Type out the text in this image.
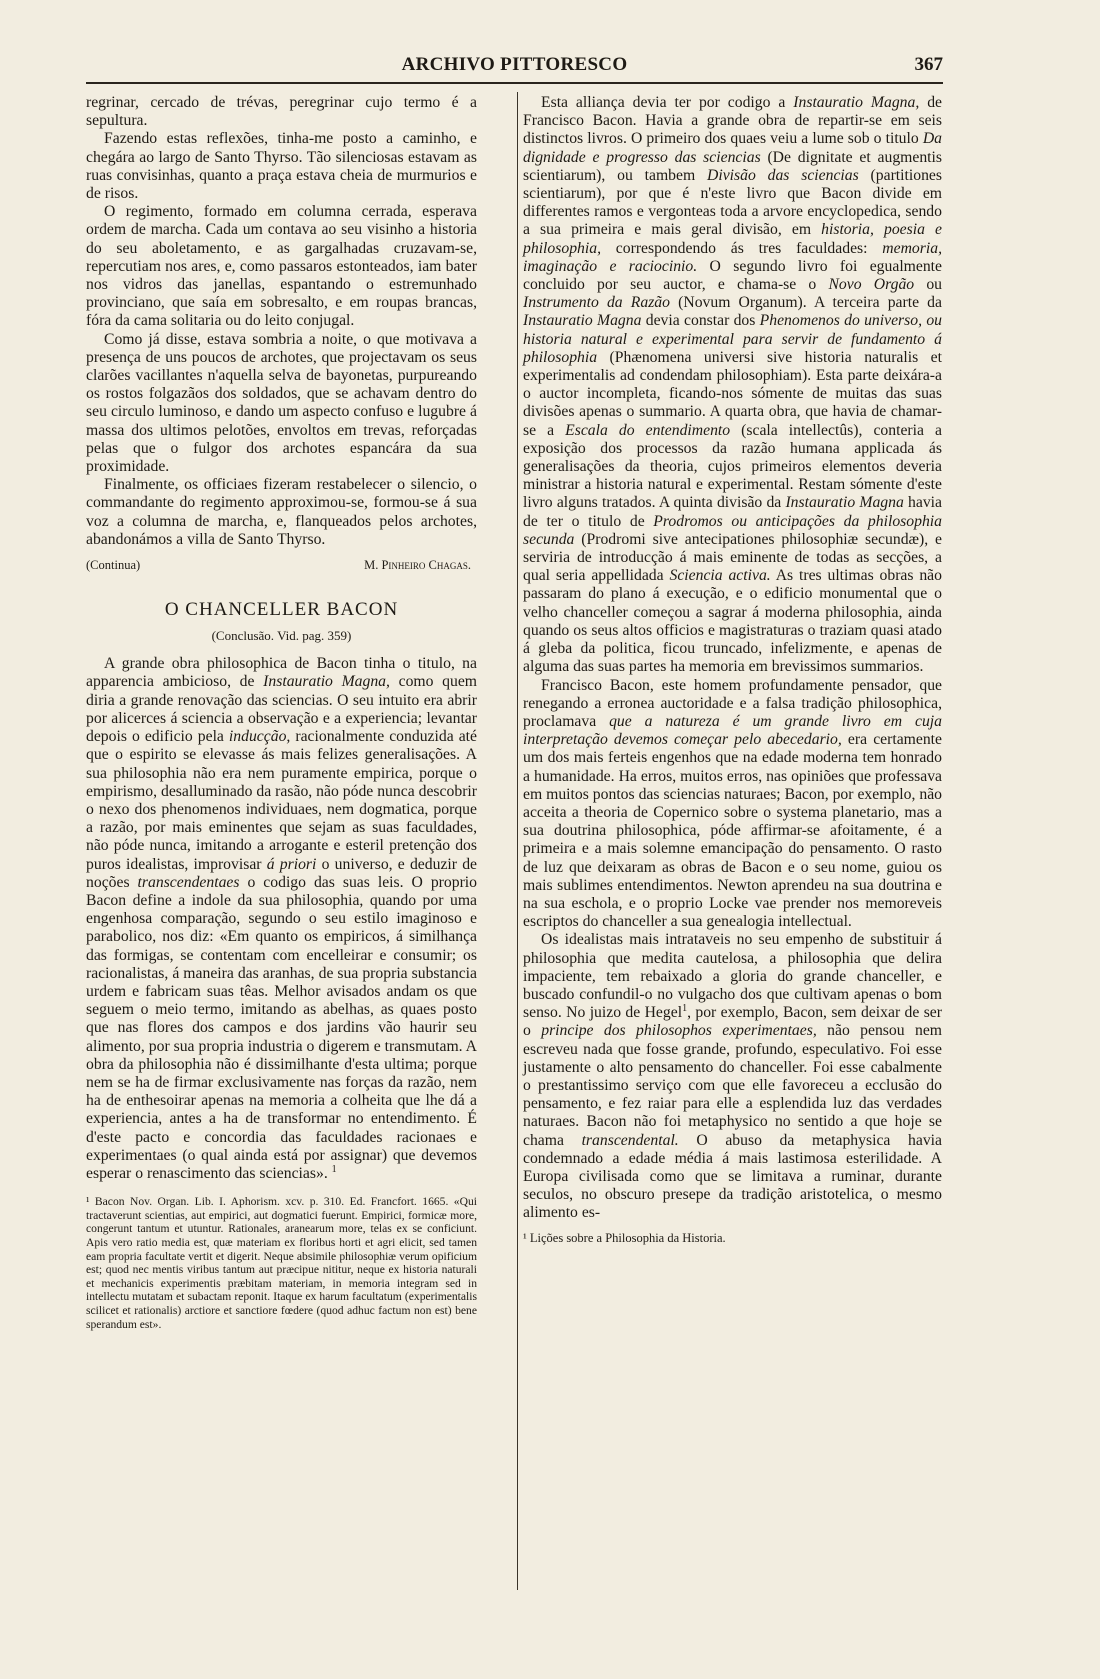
ARCHIVO PITTORESCO	367

regrinar, cercado de trévas, peregrinar cujo termo é a sepultura.

Fazendo estas reflexões, tinha-me posto a caminho, e chegára ao largo de Santo Thyrso. Tão silenciosas estavam as ruas convisinhas, quanto a praça estava cheia de murmurios e de risos.

O regimento, formado em columna cerrada, esperava ordem de marcha. Cada um contava ao seu visinho a historia do seu aboletamento, e as gargalhadas cruzavam-se, repercutiam nos ares, e, como passaros estonteados, iam bater nos vidros das janellas, espantando o estremunhado provinciano, que saía em sobresalto, e em roupas brancas, fóra da cama solitaria ou do leito conjugal.

Como já disse, estava sombria a noite, o que motivava a presença de uns poucos de archotes, que projectavam os seus clarões vacillantes n'aquella selva de bayonetas, purpureando os rostos folgazãos dos soldados, que se achavam dentro do seu circulo luminoso, e dando um aspecto confuso e lugubre á massa dos ultimos pelotões, envoltos em trevas, reforçadas pelas que o fulgor dos archotes espancára da sua proximidade.

Finalmente, os officiaes fizeram restabelecer o silencio, o commandante do regimento approximou-se, formou-se á sua voz a columna de marcha, e, flanqueados pelos archotes, abandonámos a villa de Santo Thyrso.

(Continua)	M. Pinheiro Chagas.
O CHANCELLER BACON
(Conclusão. Vid. pag. 359)

A grande obra philosophica de Bacon tinha o titulo, na apparencia ambicioso, de Instauratio Magna, como quem diria a grande renovação das sciencias. O seu intuito era abrir por alicerces á sciencia a observação e a experiencia; levantar depois o edificio pela inducção, racionalmente conduzida até que o espirito se elevasse ás mais felizes generalisações. A sua philosophia não era nem puramente empirica, porque o empirismo, desalluminado da rasão, não póde nunca descobrir o nexo dos phenomenos individuaes, nem dogmatica, porque a razão, por mais eminentes que sejam as suas faculdades, não póde nunca, imitando a arrogante e esteril pretenção dos puros idealistas, improvisar á priori o universo, e deduzir de noções transcendentaes o codigo das suas leis. O proprio Bacon define a indole da sua philosophia, quando por uma engenhosa comparação, segundo o seu estilo imaginoso e parabolico, nos diz: «Em quanto os empiricos, á similhança das formigas, se contentam com encelleirar e consumir; os racionalistas, á maneira das aranhas, de sua propria substancia urdem e fabricam suas têas. Melhor avisados andam os que seguem o meio termo, imitando as abelhas, as quaes posto que nas flores dos campos e dos jardins vão haurir seu alimento, por sua propria industria o digerem e transmutam. A obra da philosophia não é dissimilhante d'esta ultima; porque nem se ha de firmar exclusivamente nas forças da razão, nem ha de enthesoirar apenas na memoria a colheita que lhe dá a experiencia, antes a ha de transformar no entendimento. É d'este pacto e concordia das faculdades racionaes e experimentaes (o qual ainda está por assignar) que devemos esperar o renascimento das sciencias». $^1$

¹ Bacon Nov. Organ. Lib. I. Aphorism. xcv. p. 310. Ed. Francfort. 1665. «Qui tractaverunt scientias, aut empirici, aut dogmatici fuerunt. Empirici, formicæ more, congerunt tantum et utuntur. Rationales, aranearum more, telas ex se conficiunt. Apis vero ratio media est, quæ materiam ex floribus horti et agri elicit, sed tamen eam propria facultate vertit et digerit. Neque absimile philosophiæ verum opificium est; quod nec mentis viribus tantum aut præcipue nititur, neque ex historia naturali et mechanicis experimentis præbitam materiam, in memoria integram sed in intellectu mutatam et subactam reponit. Itaque ex harum facultatum (experimentalis scilicet et rationalis) arctiore et sanctiore fœdere (quod adhuc factum non est) bene sperandum est».

Esta alliança devia ter por codigo a Instauratio Magna, de Francisco Bacon. Havia a grande obra de repartir-se em seis distinctos livros. O primeiro dos quaes veiu a lume sob o titulo Da dignidade e progresso das sciencias (De dignitate et augmentis scientiarum), ou tambem Divisão das sciencias (partitiones scientiarum), por que é n'este livro que Bacon divide em differentes ramos e vergonteas toda a arvore encyclopedica, sendo a sua primeira e mais geral divisão, em historia, poesia e philosophia, correspondendo ás tres faculdades: memoria, imaginação e raciocinio. O segundo livro foi egualmente concluido por seu auctor, e chama-se o Novo Orgão ou Instrumento da Razão (Novum Organum). A terceira parte da Instauratio Magna devia constar dos Phenomenos do universo, ou historia natural e experimental para servir de fundamento á philosophia (Phænomena universi sive historia naturalis et experimentalis ad condendam philosophiam). Esta parte deixára-a o auctor incompleta, ficando-nos sómente de muitas das suas divisões apenas o summario. A quarta obra, que havia de chamar-se a Escala do entendimento (scala intellectûs), conteria a exposição dos processos da razão humana applicada ás generalisações da theoria, cujos primeiros elementos deveria ministrar a historia natural e experimental. Restam sómente d'este livro alguns tratados. A quinta divisão da Instauratio Magna havia de ter o titulo de Prodromos ou anticipações da philosophia secunda (Prodromi sive antecipationes philosophiæ secundæ), e serviria de introducção á mais eminente de todas as secções, a qual seria appellidada Sciencia activa. As tres ultimas obras não passaram do plano á execução, e o edificio monumental que o velho chanceller começou a sagrar á moderna philosophia, ainda quando os seus altos officios e magistraturas o traziam quasi atado á gleba da politica, ficou truncado, infelizmente, e apenas de alguma das suas partes ha memoria em brevissimos summarios.

Francisco Bacon, este homem profundamente pensador, que renegando a erronea auctoridade e a falsa tradição philosophica, proclamava que a natureza é um grande livro em cuja interpretação devemos começar pelo abecedario, era certamente um dos mais ferteis engenhos que na edade moderna tem honrado a humanidade. Ha erros, muitos erros, nas opiniões que professava em muitos pontos das sciencias naturaes; Bacon, por exemplo, não acceita a theoria de Copernico sobre o systema planetario, mas a sua doutrina philosophica, póde affirmar-se afoitamente, é a primeira e a mais solemne emancipação do pensamento. O rasto de luz que deixaram as obras de Bacon e o seu nome, guiou os mais sublimes entendimentos. Newton aprendeu na sua doutrina e na sua eschola, e o proprio Locke vae prender nos memoreveis escriptos do chanceller a sua genealogia intellectual.

Os idealistas mais intrataveis no seu empenho de substituir á philosophia que medita cautelosa, a philosophia que delira impaciente, tem rebaixado a gloria do grande chanceller, e buscado confundil-o no vulgacho dos que cultivam apenas o bom senso. No juizo de Hegel$^1$, por exemplo, Bacon, sem deixar de ser o principe dos philosophos experimentaes, não pensou nem escreveu nada que fosse grande, profundo, especulativo. Foi esse justamente o alto pensamento do chanceller. Foi esse cabalmente o prestantissimo serviço com que elle favoreceu a ecclusão do pensamento, e fez raiar para elle a esplendida luz das verdades naturaes. Bacon não foi metaphysico no sentido a que hoje se chama transcendental. O abuso da metaphysica havia condemnado a edade média á mais lastimosa esterilidade. A Europa civilisada como que se limitava a ruminar, durante seculos, no obscuro presepe da tradição aristotelica, o mesmo alimento es-

¹ Lições sobre a Philosophia da Historia.
